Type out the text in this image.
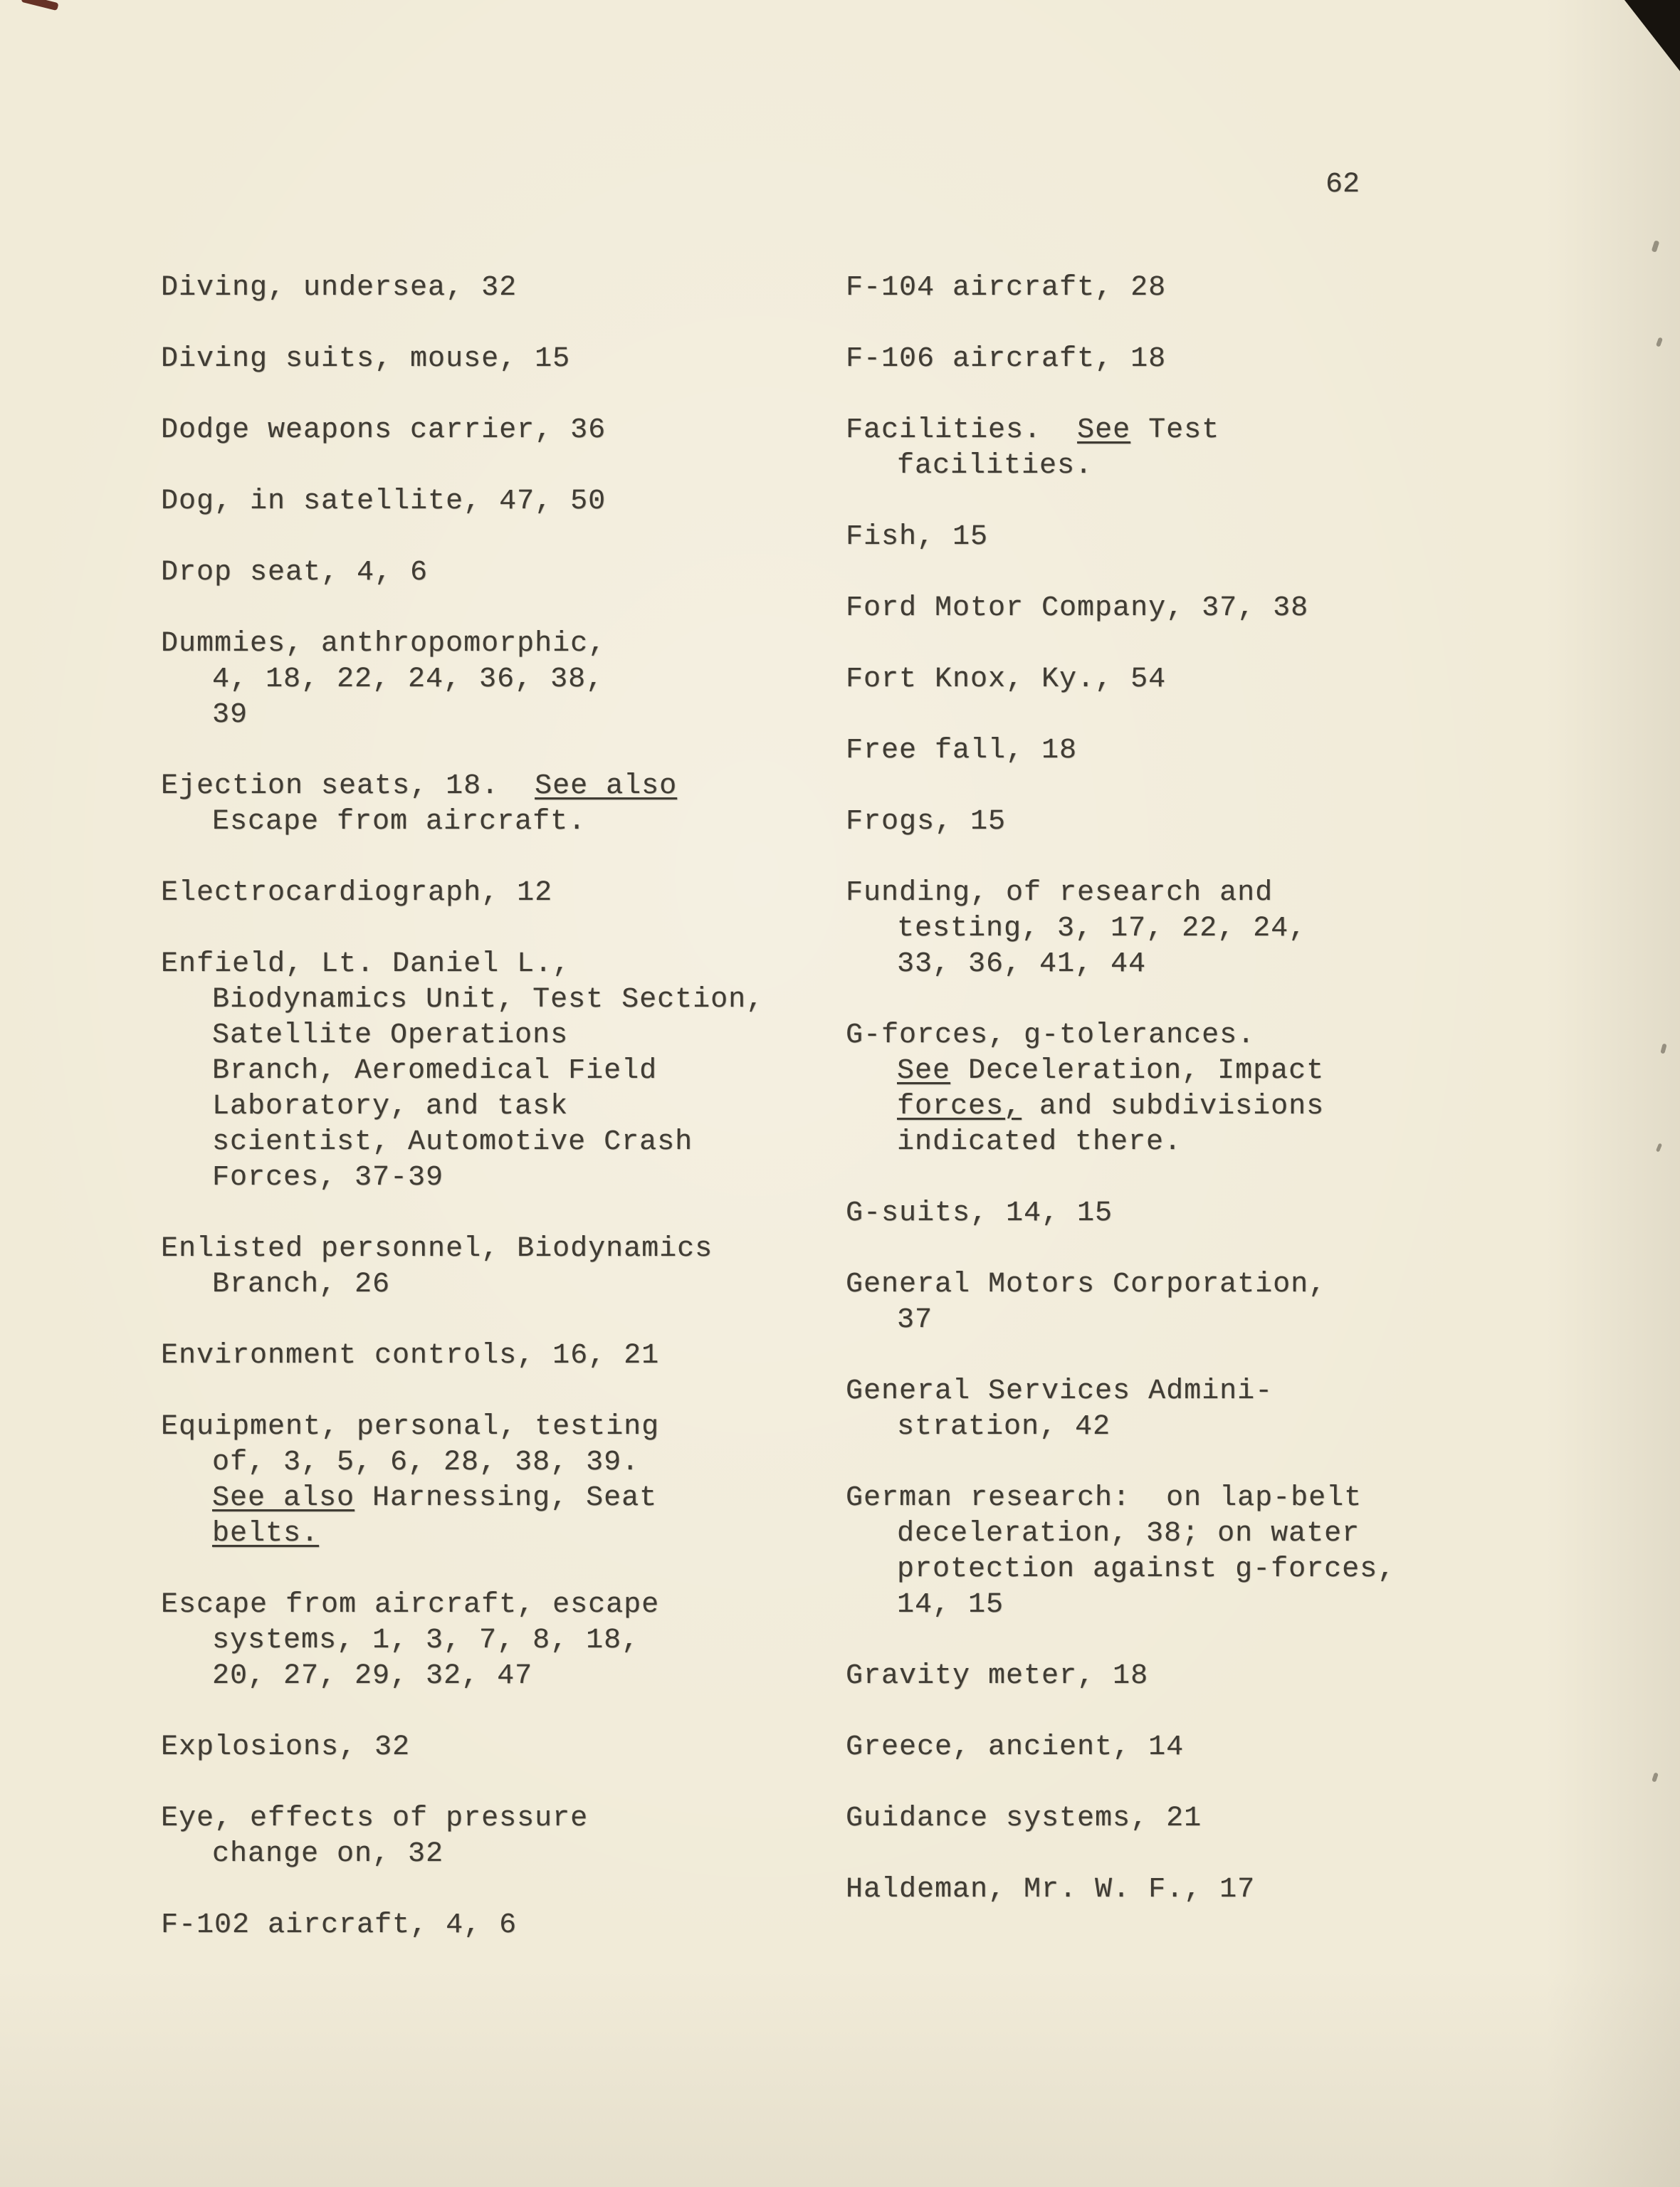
62
Diving, undersea, 32
Diving suits, mouse, 15
Dodge weapons carrier, 36
Dog, in satellite, 47, 50
Drop seat, 4, 6
Dummies, anthropomorphic,
4, 18, 22, 24, 36, 38,
39
Ejection seats, 18.  See also
Escape from aircraft.
Electrocardiograph, 12
Enfield, Lt. Daniel L.,
Biodynamics Unit, Test Section,
Satellite Operations
Branch, Aeromedical Field
Laboratory, and task
scientist, Automotive Crash
Forces, 37-39
Enlisted personnel, Biodynamics
Branch, 26
Environment controls, 16, 21
Equipment, personal, testing
of, 3, 5, 6, 28, 38, 39.
See also Harnessing, Seat
belts.
Escape from aircraft, escape
systems, 1, 3, 7, 8, 18,
20, 27, 29, 32, 47
Explosions, 32
Eye, effects of pressure
change on, 32
F-102 aircraft, 4, 6
F-104 aircraft, 28
F-106 aircraft, 18
Facilities.  See Test
facilities.
Fish, 15
Ford Motor Company, 37, 38
Fort Knox, Ky., 54
Free fall, 18
Frogs, 15
Funding, of research and
testing, 3, 17, 22, 24,
33, 36, 41, 44
G-forces, g-tolerances.
See Deceleration, Impact
forces, and subdivisions
indicated there.
G-suits, 14, 15
General Motors Corporation,
37
General Services Admini-
stration, 42
German research:  on lap-belt
deceleration, 38; on water
protection against g-forces,
14, 15
Gravity meter, 18
Greece, ancient, 14
Guidance systems, 21
Haldeman, Mr. W. F., 17
